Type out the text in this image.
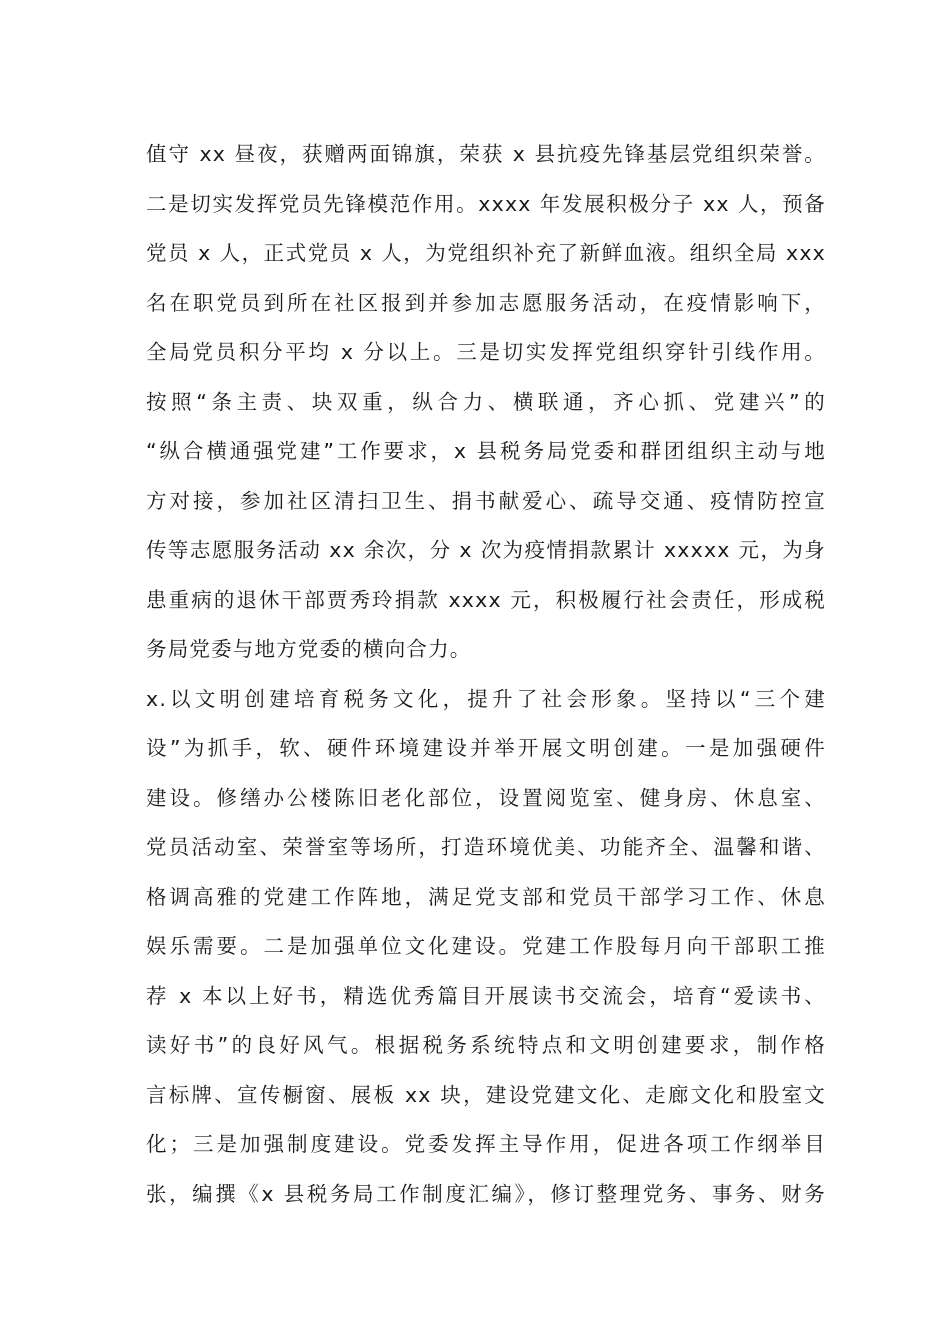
值守 xx 昼夜，获赠两面锦旗，荣获 x 县抗疫先锋基层党组织荣誉。
二是切实发挥党员先锋模范作用。xxxx 年发展积极分子 xx 人，预备
党员 x 人，正式党员 x 人，为党组织补充了新鲜血液。组织全局 xxx
名在职党员到所在社区报到并参加志愿服务活动，在疫情影响下，
全局党员积分平均 x 分以上。三是切实发挥党组织穿针引线作用。
按照“条主责、块双重，纵合力、横联通，齐心抓、党建兴”的
“纵合横通强党建”工作要求，x 县税务局党委和群团组织主动与地
方对接，参加社区清扫卫生、捐书献爱心、疏导交通、疫情防控宣
传等志愿服务活动 xx 余次，分 x 次为疫情捐款累计 xxxxx 元，为身
患重病的退休干部贾秀玲捐款 xxxx 元，积极履行社会责任，形成税
务局党委与地方党委的横向合力。
x.以文明创建培育税务文化，提升了社会形象。坚持以“三个建
设”为抓手，软、硬件环境建设并举开展文明创建。一是加强硬件
建设。修缮办公楼陈旧老化部位，设置阅览室、健身房、休息室、
党员活动室、荣誉室等场所，打造环境优美、功能齐全、温馨和谐、
格调高雅的党建工作阵地，满足党支部和党员干部学习工作、休息
娱乐需要。二是加强单位文化建设。党建工作股每月向干部职工推
荐 x 本以上好书，精选优秀篇目开展读书交流会，培育“爱读书、
读好书”的良好风气。根据税务系统特点和文明创建要求，制作格
言标牌、宣传橱窗、展板 xx 块，建设党建文化、走廊文化和股室文
化；三是加强制度建设。党委发挥主导作用，促进各项工作纲举目
张，编撰《x 县税务局工作制度汇编》，修订整理党务、事务、财务
